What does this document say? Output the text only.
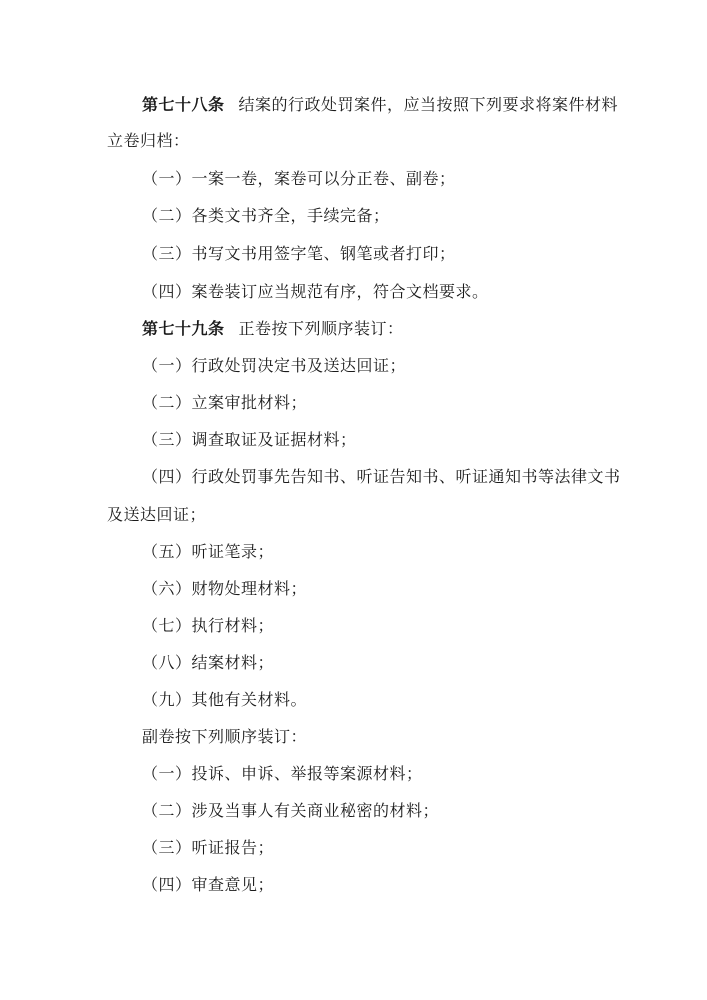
第七十八条 结案的行政处罚案件，应当按照下列要求将案件材料
立卷归档：
（一）一案一卷，案卷可以分正卷、副卷；
（二）各类文书齐全，手续完备；
（三）书写文书用签字笔、钢笔或者打印；
（四）案卷装订应当规范有序，符合文档要求。
第七十九条 正卷按下列顺序装订：
（一）行政处罚决定书及送达回证；
（二）立案审批材料；
（三）调查取证及证据材料；
（四）行政处罚事先告知书、听证告知书、听证通知书等法律文书
及送达回证；
（五）听证笔录；
（六）财物处理材料；
（七）执行材料；
（八）结案材料；
（九）其他有关材料。
副卷按下列顺序装订：
（一）投诉、申诉、举报等案源材料；
（二）涉及当事人有关商业秘密的材料；
（三）听证报告；
（四）审查意见；
